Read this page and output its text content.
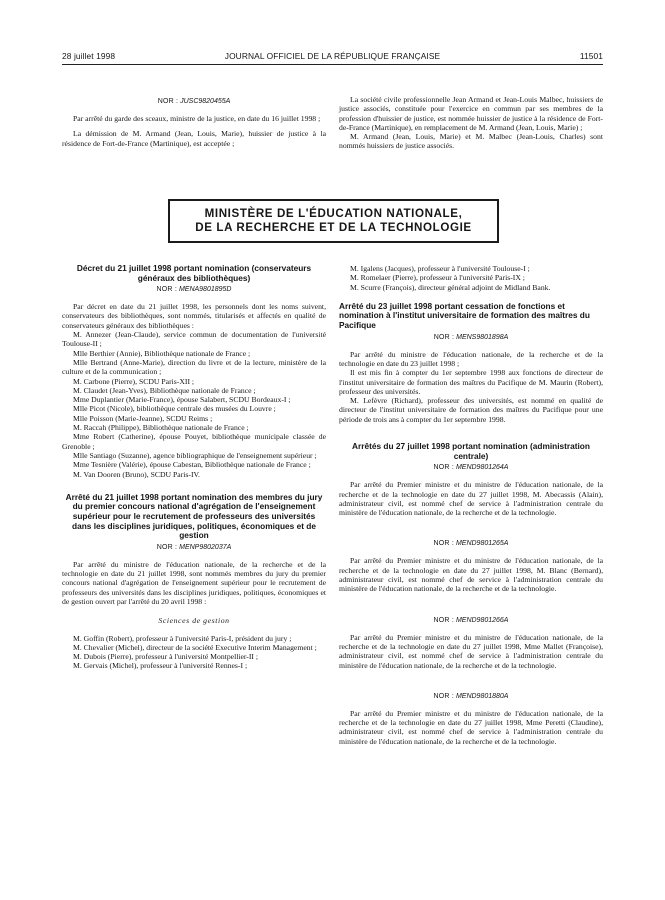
28 juillet 1998	JOURNAL OFFICIEL DE LA RÉPUBLIQUE FRANÇAISE	11501
NOR : JUSC9820455A

Par arrêté du garde des sceaux, ministre de la justice, en date du 16 juillet 1998 ;

La démission de M. Armand (Jean, Louis, Marie), huissier de justice à la résidence de Fort-de-France (Martinique), est acceptée ;

La société civile professionnelle Jean Armand et Jean-Louis Malbec, huissiers de justice associés, constituée pour l'exercice en commun par ses membres de la profession d'huissier de justice, est nommée huissier de justice à la résidence de Fort-de-France (Martinique), en remplacement de M. Armand (Jean, Louis, Marie) ;

M. Armand (Jean, Louis, Marie) et M. Malbec (Jean-Louis, Charles) sont nommés huissiers de justice associés.

MINISTÈRE DE L'ÉDUCATION NATIONALE,
DE LA RECHERCHE ET DE LA TECHNOLOGIE
Décret du 21 juillet 1998 portant nomination (conservateurs généraux des bibliothèques)
NOR : MENA9801895D

Par décret en date du 21 juillet 1998, les personnels dont les noms suivent, conservateurs des bibliothèques, sont nommés, titularisés et affectés en qualité de conservateurs généraux des bibliothèques :

M. Annezer (Jean-Claude), service commun de documentation de l'université Toulouse-II ;

Mlle Berthier (Annie), Bibliothèque nationale de France ;

Mlle Bertrand (Anne-Marie), direction du livre et de la lecture, ministère de la culture et de la communication ;

M. Carbone (Pierre), SCDU Paris-XII ;

M. Claudet (Jean-Yves), Bibliothèque nationale de France ;

Mme Duplantier (Marie-France), épouse Salabert, SCDU Bordeaux-I ;

Mlle Picot (Nicole), bibliothèque centrale des musées du Louvre ;

Mlle Poisson (Marie-Jeanne), SCDU Reims ;

M. Raccah (Philippe), Bibliothèque nationale de France ;

Mme Robert (Catherine), épouse Pouyet, bibliothèque municipale classée de Grenoble ;

Mlle Santiago (Suzanne), agence bibliographique de l'enseignement supérieur ;

Mme Tesnière (Valérie), épouse Cabestan, Bibliothèque nationale de France ;

M. Van Dooren (Bruno), SCDU Paris-IV.

Arrêté du 21 juillet 1998 portant nomination des membres du jury du premier concours national d'agrégation de l'enseignement supérieur pour le recrutement de professeurs des universités dans les disciplines juridiques, politiques, économiques et de gestion
NOR : MENP9802037A

Par arrêté du ministre de l'éducation nationale, de la recherche et de la technologie en date du 21 juillet 1998, sont nommés membres du jury du premier concours national d'agrégation de l'enseignement supérieur pour le recrutement de professeurs des universités dans les disciplines juridiques, politiques, économiques et de gestion ouvert par l'arrêté du 20 avril 1998 :

Sciences de gestion

M. Goffin (Robert), professeur à l'université Paris-I, président du jury ;

M. Chevalier (Michel), directeur de la société Executive Interim Management ;

M. Dubois (Pierre), professeur à l'université Montpellier-II ;

M. Gervais (Michel), professeur à l'université Rennes-I ;

M. Igalens (Jacques), professeur à l'université Toulouse-I ;

M. Romelaer (Pierre), professeur à l'université Paris-IX ;

M. Scurre (François), directeur général adjoint de Midland Bank.

Arrêté du 23 juillet 1998 portant cessation de fonctions et nomination à l'institut universitaire de formation des maîtres du Pacifique
NOR : MENS9801898A

Par arrêté du ministre de l'éducation nationale, de la recherche et de la technologie en date du 23 juillet 1998 ;

Il est mis fin à compter du 1er septembre 1998 aux fonctions de directeur de l'institut universitaire de formation des maîtres du Pacifique de M. Maurin (Robert), professeur des universités.

M. Lefèvre (Richard), professeur des universités, est nommé en qualité de directeur de l'institut universitaire de formation des maîtres du Pacifique pour une période de trois ans à compter du 1er septembre 1998.

Arrêtés du 27 juillet 1998 portant nomination (administration centrale)
NOR : MEND9801264A

Par arrêté du Premier ministre et du ministre de l'éducation nationale, de la recherche et de la technologie en date du 27 juillet 1998, M. Abecassis (Alain), administrateur civil, est nommé chef de service à l'administration centrale du ministère de l'éducation nationale, de la recherche et de la technologie.

NOR : MEND9801265A

Par arrêté du Premier ministre et du ministre de l'éducation nationale, de la recherche et de la technologie en date du 27 juillet 1998, M. Blanc (Bernard), administrateur civil, est nommé chef de service à l'administration centrale du ministère de l'éducation nationale, de la recherche et de la technologie.

NOR : MEND9801266A

Par arrêté du Premier ministre et du ministre de l'éducation nationale, de la recherche et de la technologie en date du 27 juillet 1998, Mme Mallet (Françoise), administrateur civil, est nommé chef de service à l'administration centrale du ministère de l'éducation nationale, de la recherche et de la technologie.

NOR : MEND9801880A

Par arrêté du Premier ministre et du ministre de l'éducation nationale, de la recherche et de la technologie en date du 27 juillet 1998, Mme Peretti (Claudine), administrateur civil, est nommé chef de service à l'administration centrale du ministère de l'éducation nationale, de la recherche et de la technologie.
